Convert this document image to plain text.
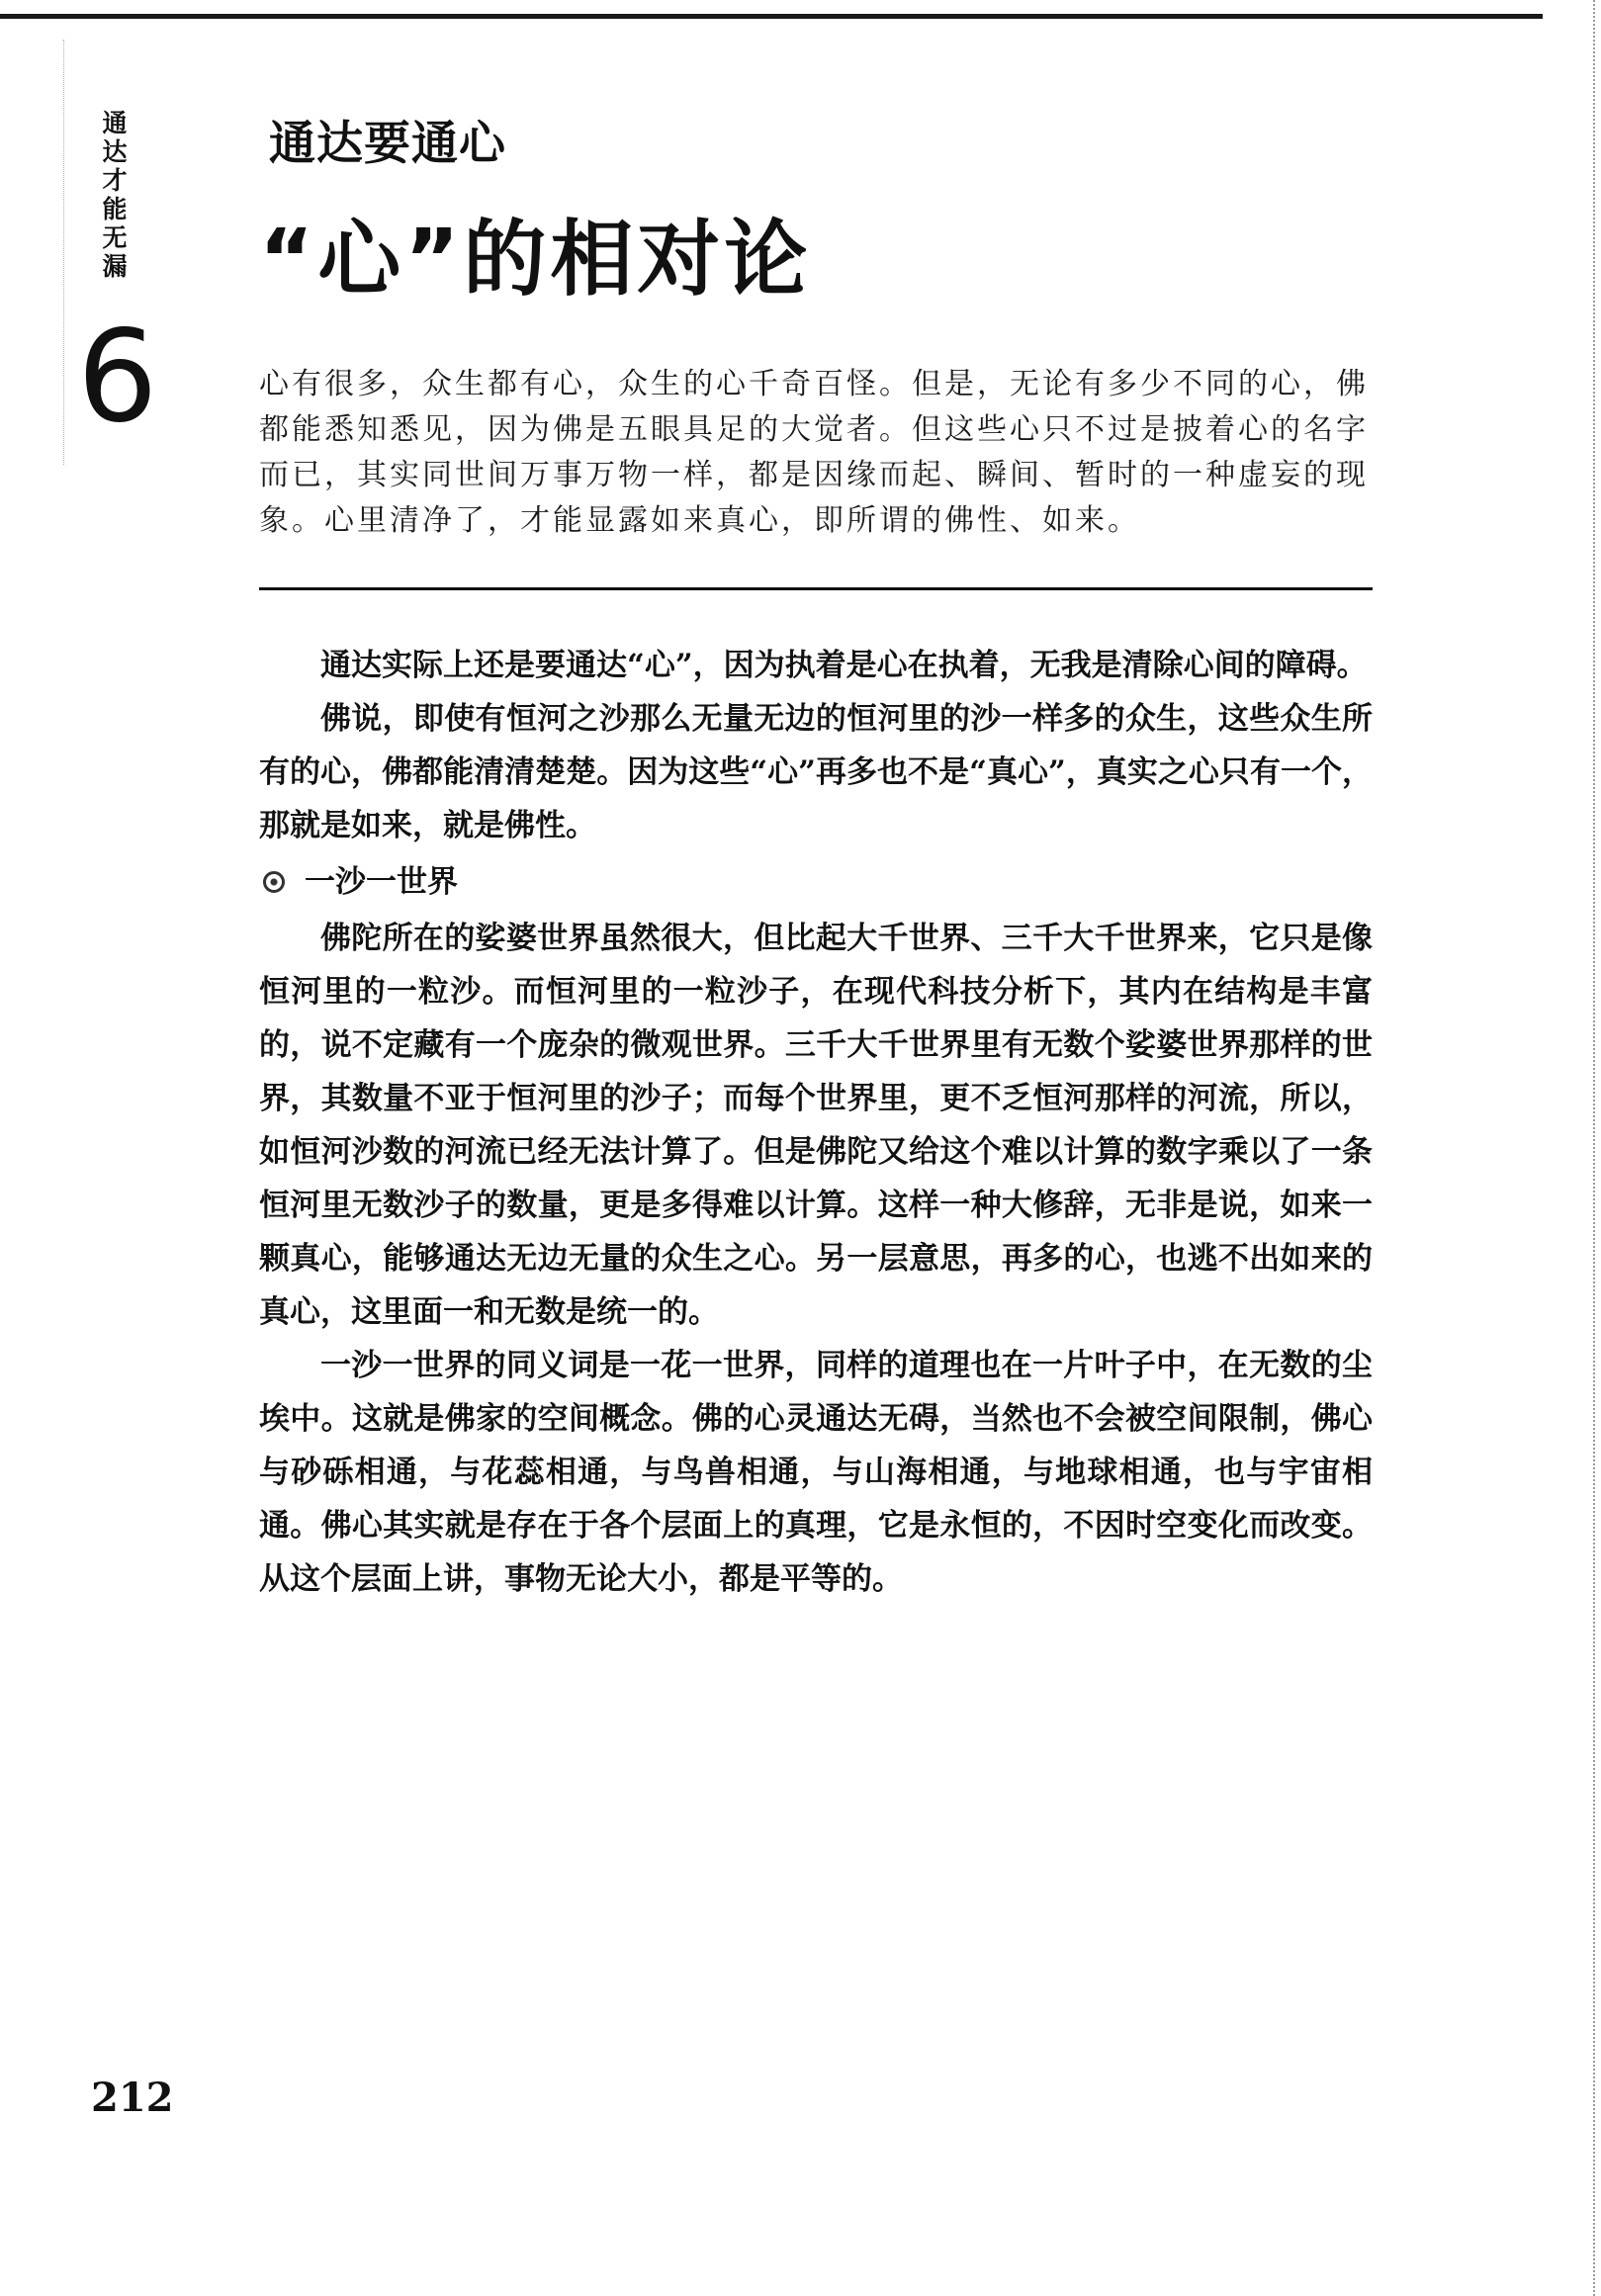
通达才能无漏
6
通达要通心
“心”的相对论
心有很多，众生都有心，众生的心千奇百怪。但是，无论有多少不同的心，佛都能悉知悉见，因为佛是五眼具足的大觉者。但这些心只不过是披着心的名字而已，其实同世间万事万物一样，都是因缘而起、瞬间、暂时的一种虚妄的现象。心里清净了，才能显露如来真心，即所谓的佛性、如来。

通达实际上还是要通达“心”，因为执着是心在执着，无我是清除心间的障碍。

佛说，即使有恒河之沙那么无量无边的恒河里的沙一样多的众生，这些众生所有的心，佛都能清清楚楚。因为这些“心”再多也不是“真心”，真实之心只有一个，那就是如来，就是佛性。

一沙一世界

佛陀所在的娑婆世界虽然很大，但比起大千世界、三千大千世界来，它只是像恒河里的一粒沙。而恒河里的一粒沙子，在现代科技分析下，其内在结构是丰富的，说不定藏有一个庞杂的微观世界。三千大千世界里有无数个娑婆世界那样的世界，其数量不亚于恒河里的沙子；而每个世界里，更不乏恒河那样的河流，所以，如恒河沙数的河流已经无法计算了。但是佛陀又给这个难以计算的数字乘以了一条恒河里无数沙子的数量，更是多得难以计算。这样一种大修辞，无非是说，如来一颗真心，能够通达无边无量的众生之心。另一层意思，再多的心，也逃不出如来的真心，这里面一和无数是统一的。

一沙一世界的同义词是一花一世界，同样的道理也在一片叶子中，在无数的尘埃中。这就是佛家的空间概念。佛的心灵通达无碍，当然也不会被空间限制，佛心与砂砾相通，与花蕊相通，与鸟兽相通，与山海相通，与地球相通，也与宇宙相通。佛心其实就是存在于各个层面上的真理，它是永恒的，不因时空变化而改变。从这个层面上讲，事物无论大小，都是平等的。

212
